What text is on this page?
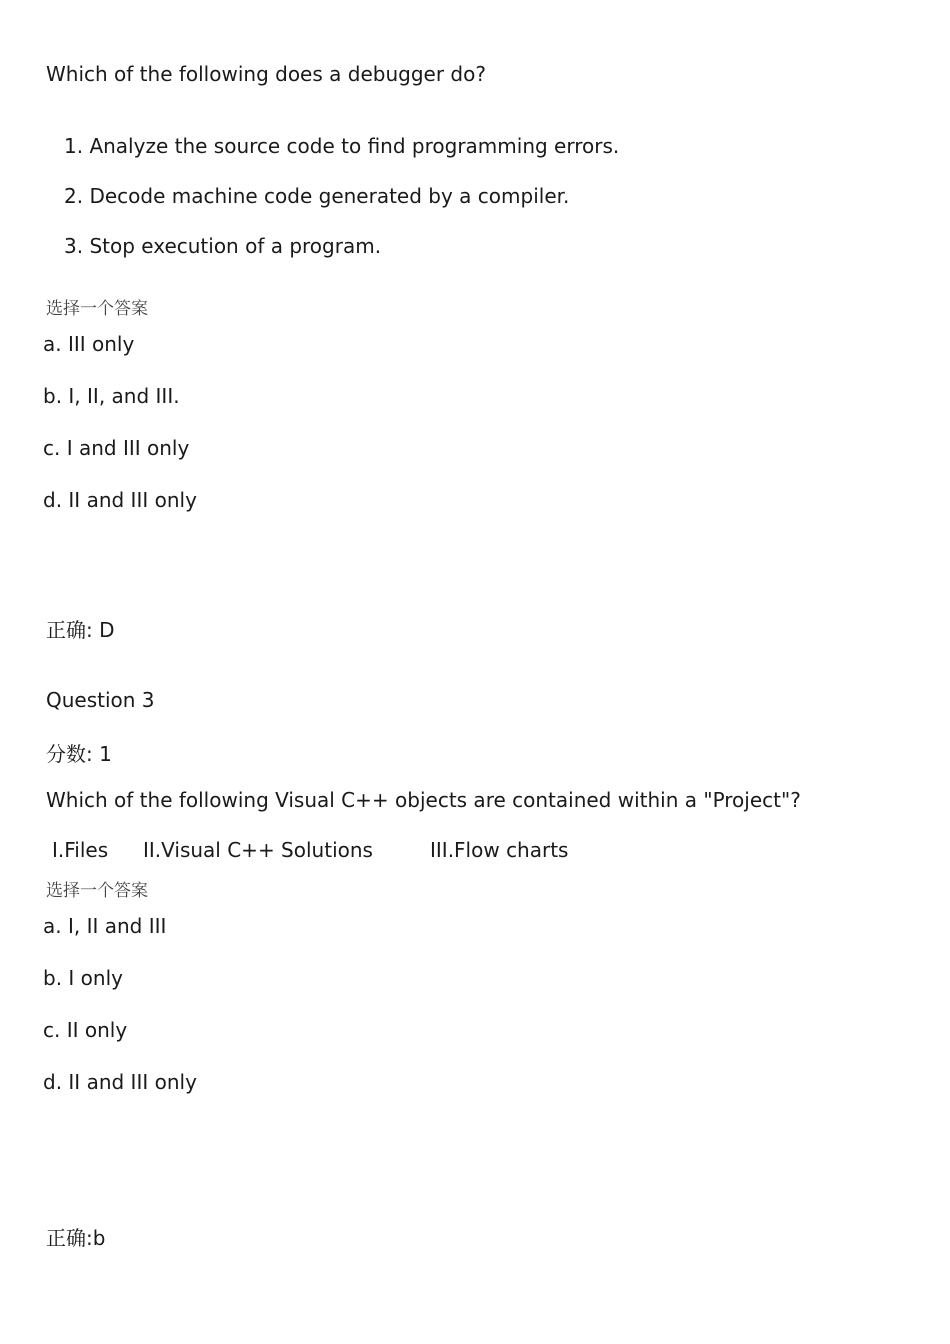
Which of the following does a debugger do?
1. Analyze the source code to find programming errors.
2. Decode machine code generated by a compiler.
3. Stop execution of a program.
选择一个答案
a. III only
b. I, II, and III.
c. I and III only
d. II and III only
正确: D
Question 3
分数: 1
Which of the following Visual C++ objects are contained within a "Project"?
I.Files II.Visual C++ Solutions	III.Flow charts
选择一个答案
a. I, II and III
b. I only
c. II only
d. II and III only
正确:b
